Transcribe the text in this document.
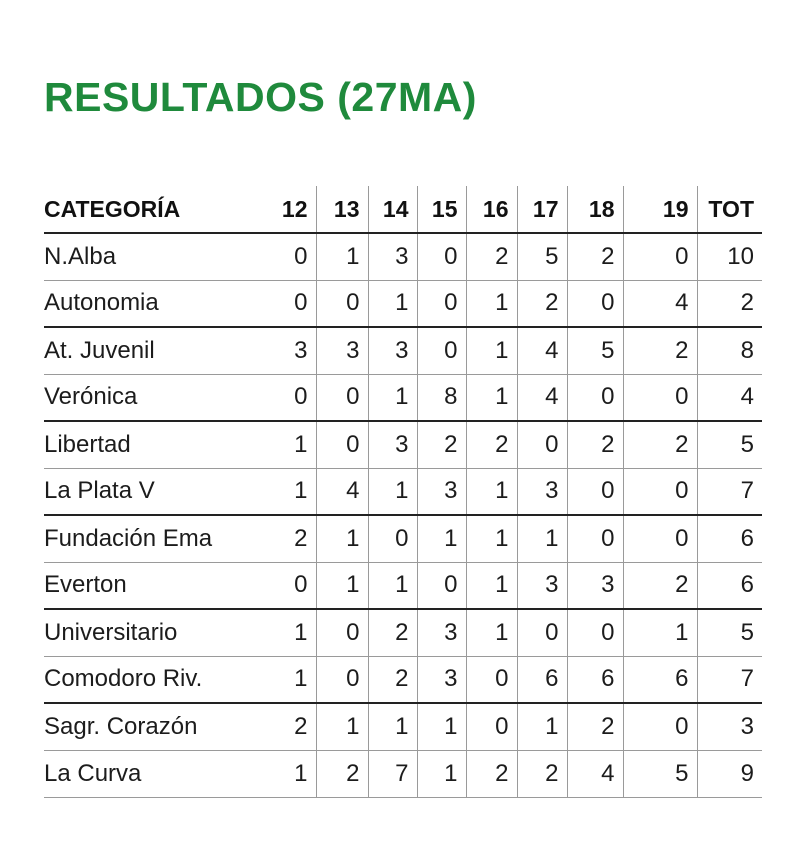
RESULTADOS (27MA)
CATEGORÍA	12	13	14	15	16	17	18	19	TOT
N.Alba	0	1	3	0	2	5	2	0	10
Autonomia	0	0	1	0	1	2	0	4	2
At. Juvenil	3	3	3	0	1	4	5	2	8
Verónica	0	0	1	8	1	4	0	0	4
Libertad	1	0	3	2	2	0	2	2	5
La Plata V	1	4	1	3	1	3	0	0	7
Fundación Ema	2	1	0	1	1	1	0	0	6
Everton	0	1	1	0	1	3	3	2	6
Universitario	1	0	2	3	1	0	0	1	5
Comodoro Riv.	1	0	2	3	0	6	6	6	7
Sagr. Corazón	2	1	1	1	0	1	2	0	3
La Curva	1	2	7	1	2	2	4	5	9
